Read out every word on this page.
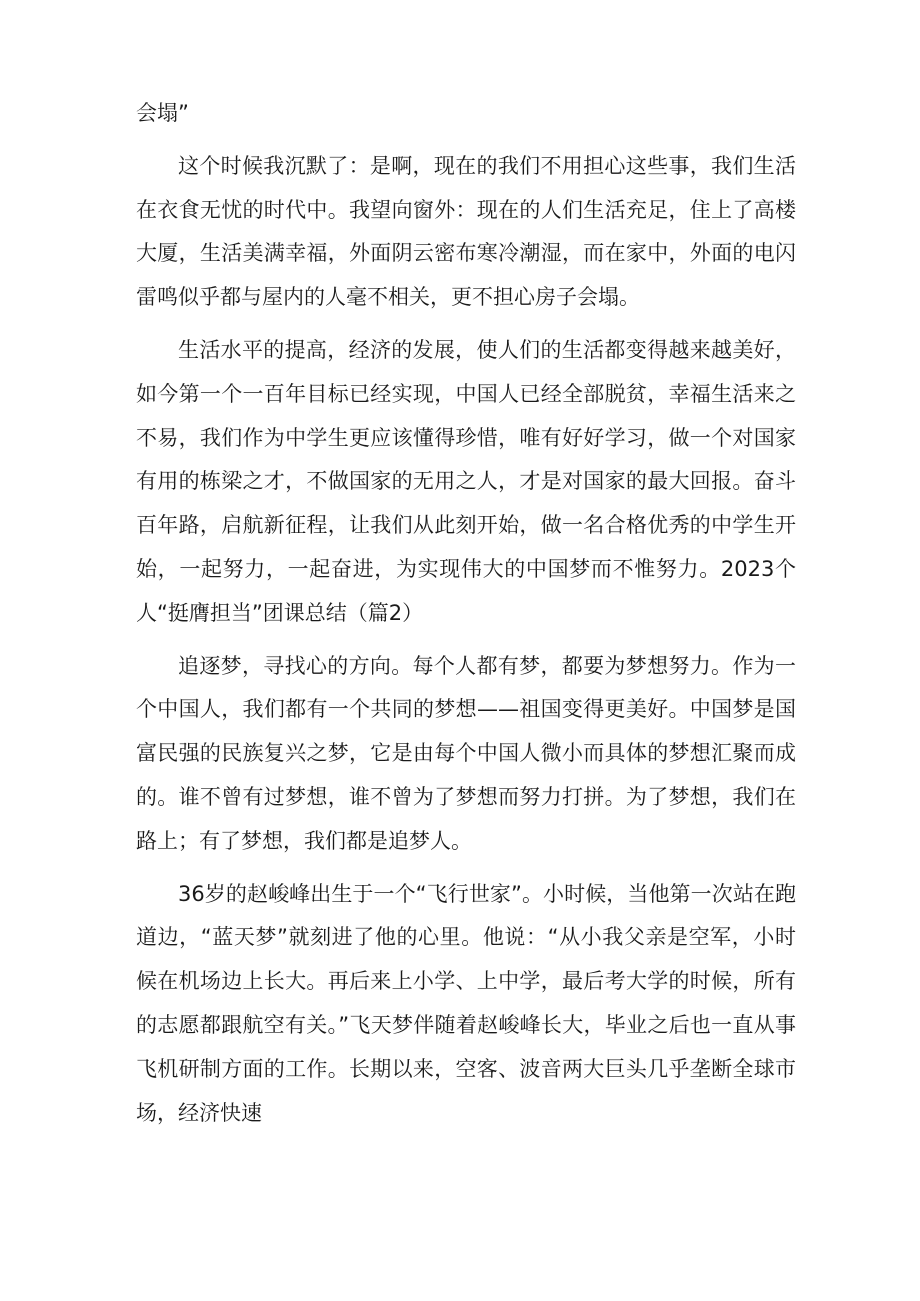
会塌”

这个时候我沉默了：是啊，现在的我们不用担心这些事，我们生活在衣食无忧的时代中。我望向窗外：现在的人们生活充足，住上了高楼大厦，生活美满幸福，外面阴云密布寒冷潮湿，而在家中，外面的电闪雷鸣似乎都与屋内的人毫不相关，更不担心房子会塌。

生活水平的提高，经济的发展，使人们的生活都变得越来越美好，如今第一个一百年目标已经实现，中国人已经全部脱贫，幸福生活来之不易，我们作为中学生更应该懂得珍惜，唯有好好学习，做一个对国家有用的栋梁之才，不做国家的无用之人，才是对国家的最大回报。奋斗百年路，启航新征程，让我们从此刻开始，做一名合格优秀的中学生开始，一起努力，一起奋进，为实现伟大的中国梦而不惟努力。2023个人“挺膺担当”团课总结（篇2）

追逐梦，寻找心的方向。每个人都有梦，都要为梦想努力。作为一个中国人，我们都有一个共同的梦想——祖国变得更美好。中国梦是国富民强的民族复兴之梦，它是由每个中国人微小而具体的梦想汇聚而成的。谁不曾有过梦想，谁不曾为了梦想而努力打拼。为了梦想，我们在路上；有了梦想，我们都是追梦人。

36岁的赵峻峰出生于一个“飞行世家”。小时候，当他第一次站在跑道边，“蓝天梦”就刻进了他的心里。他说：“从小我父亲是空军，小时候在机场边上长大。再后来上小学、上中学，最后考大学的时候，所有的志愿都跟航空有关。”飞天梦伴随着赵峻峰长大，毕业之后也一直从事飞机研制方面的工作。长期以来，空客、波音两大巨头几乎垄断全球市场，经济快速
